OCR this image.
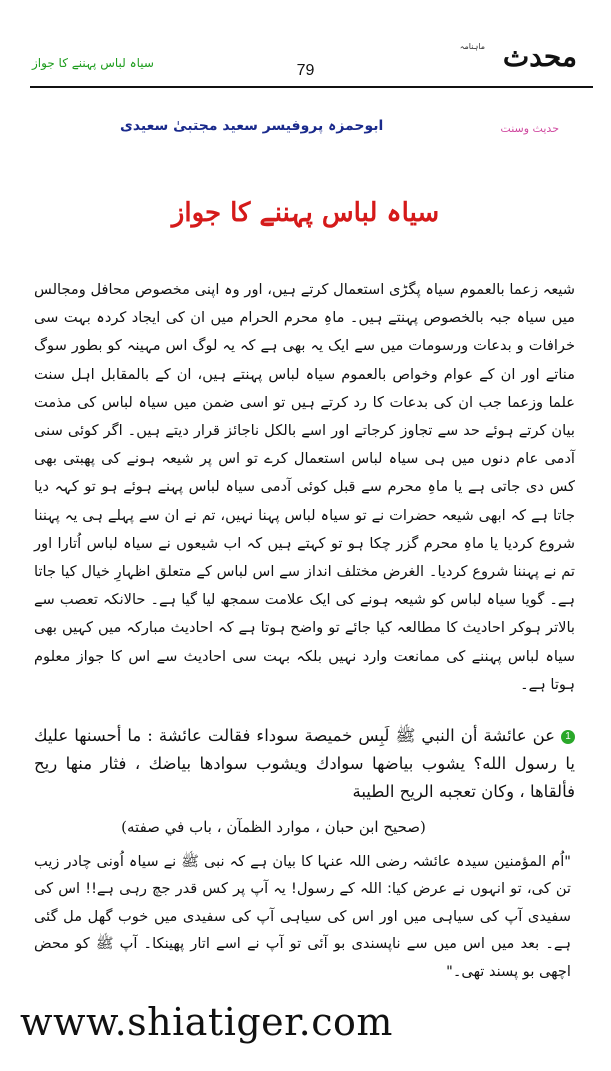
سیاہ لباس پہننے کا جواز	79
ماہنامہ محدث
ابوحمزہ پروفیسر سعید مجتبیٰ سعیدی	حدیث وسنت
سیاہ لباس پہننے کا جواز

شیعہ زعما بالعموم سیاہ پگڑی استعمال کرتے ہیں، اور وہ اپنی مخصوص محافل ومجالس میں سیاہ جبہ بالخصوص پہنتے ہیں۔ ماہِ محرم الحرام میں ان کی ایجاد کردہ بہت سی خرافات و بدعات ورسومات میں سے ایک یہ بھی ہے کہ یہ لوگ اس مہینہ کو بطور سوگ مناتے اور ان کے عوام وخواص بالعموم سیاہ لباس پہنتے ہیں، ان کے بالمقابل اہل سنت علما وزعما جب ان کی بدعات کا رد کرتے ہیں تو اسی ضمن میں سیاہ لباس کی مذمت بیان کرتے ہوئے حد سے تجاوز کرجاتے اور اسے بالکل ناجائز قرار دیتے ہیں۔ اگر کوئی سنی آدمی عام دنوں میں ہی سیاہ لباس استعمال کرے تو اس پر شیعہ ہونے کی پھبتی بھی کس دی جاتی ہے یا ماہِ محرم سے قبل کوئی آدمی سیاہ لباس پہنے ہوئے ہو تو کہہ دیا جاتا ہے کہ ابھی شیعہ حضرات نے تو سیاہ لباس پہنا نہیں، تم نے ان سے پہلے ہی یہ پہننا شروع کردیا یا ماہِ محرم گزر چکا ہو تو کہتے ہیں کہ اب شیعوں نے سیاہ لباس اُتارا اور تم نے پہننا شروع کردیا۔ الغرض مختلف انداز سے اس لباس کے متعلق اظہارِ خیال کیا جاتا ہے۔ گویا سیاہ لباس کو شیعہ ہونے کی ایک علامت سمجھ لیا گیا ہے۔ حالانکہ تعصب سے بالاتر ہوکر احادیث کا مطالعہ کیا جائے تو واضح ہوتا ہے کہ احادیث مبارکہ میں کہیں بھی سیاہ لباس پہننے کی ممانعت وارد نہیں بلکہ بہت سی احادیث سے اس کا جواز معلوم ہوتا ہے۔

1عن عائشة أن النبي ﷺ لَبِس خميصة سوداء فقالت عائشة : ما أحسنها عليك يا رسول الله؟ يشوب بياضها سوادك ويشوب سوادها بياضك ، فثار منها ريح فألقاها ، وكان تعجبه الريح الطيبة
(صحيح ابن حبان ، موارد الظمآن ، باب في صفته)
"اُم المؤمنین سیدہ عائشہ رضی اللہ عنہا کا بیان ہے کہ نبی ﷺ نے سیاہ اُونی چادر زیب تن کی، تو انہوں نے عرض کیا: اللہ کے رسول! یہ آپ پر کس قدر جچ رہی ہے!! اس کی سفیدی آپ کی سیاہی میں اور اس کی سیاہی آپ کی سفیدی میں خوب گھل مل گئی ہے۔ بعد میں اس میں سے ناپسندی بو آئی تو آپ نے اسے اتار پھینکا۔ آپ ﷺ کو محض اچھی بو پسند تھی۔"
www.shiatiger.com
